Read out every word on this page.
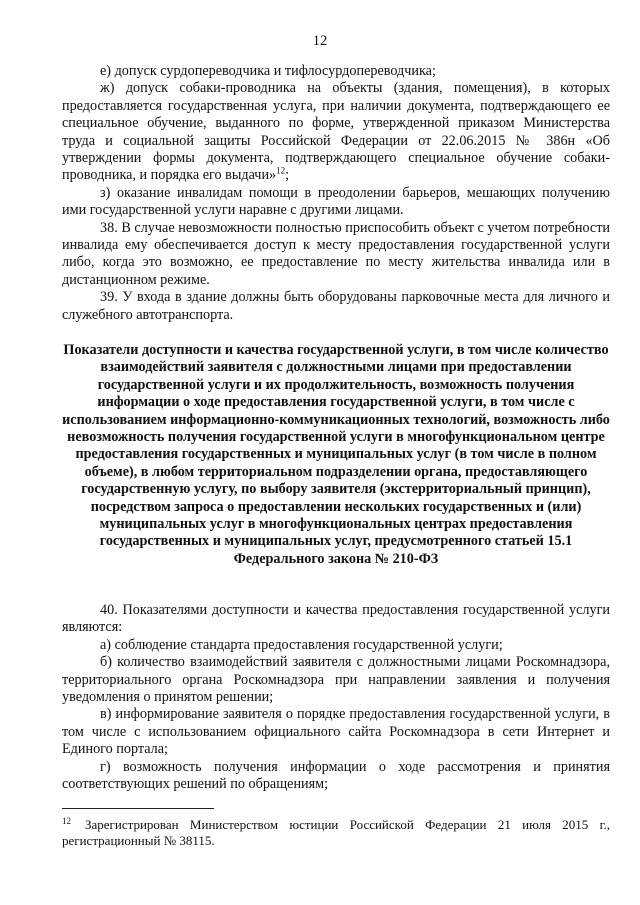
12

е) допуск сурдопереводчика и тифлосурдопереводчика;

ж) допуск собаки-проводника на объекты (здания, помещения), в которых предоставляется государственная услуга, при наличии документа, подтверждающего ее специальное обучение, выданного по форме, утвержденной приказом Министерства труда и социальной защиты Российской Федерации от 22.06.2015 № 386н «Об утверждении формы документа, подтверждающего специальное обучение собаки-проводника, и порядка его выдачи»$^{12}$;

з) оказание инвалидам помощи в преодолении барьеров, мешающих получению ими государственной услуги наравне с другими лицами.

38. В случае невозможности полностью приспособить объект с учетом потребности инвалида ему обеспечивается доступ к месту предоставления государственной услуги либо, когда это возможно, ее предоставление по месту жительства инвалида или в дистанционном режиме.

39. У входа в здание должны быть оборудованы парковочные места для личного и служебного автотранспорта.

Показатели доступности и качества государственной услуги, в том числе количество взаимодействий заявителя с должностными лицами при предоставлении государственной услуги и их продолжительность, возможность получения информации о ходе предоставления государственной услуги, в том числе с использованием информационно-коммуникационных технологий, возможность либо невозможность получения государственной услуги в многофункциональном центре предоставления государственных и муниципальных услуг (в том числе в полном объеме), в любом территориальном подразделении органа, предоставляющего государственную услугу, по выбору заявителя (экстерриториальный принцип), посредством запроса о предоставлении нескольких государственных и (или) муниципальных услуг в многофункциональных центрах предоставления государственных и муниципальных услуг, предусмотренного статьей 15.1 Федерального закона № 210-ФЗ

40. Показателями доступности и качества предоставления государственной услуги являются:

а) соблюдение стандарта предоставления государственной услуги;

б) количество взаимодействий заявителя с должностными лицами Роскомнадзора, территориального органа Роскомнадзора при направлении заявления и получения уведомления о принятом решении;

в) информирование заявителя о порядке предоставления государственной услуги, в том числе с использованием официального сайта Роскомнадзора в сети Интернет и Единого портала;

г) возможность получения информации о ходе рассмотрения и принятия соответствующих решений по обращениям;

$^{12}$ Зарегистрирован Министерством юстиции Российской Федерации 21 июля 2015 г., регистрационный № 38115.
